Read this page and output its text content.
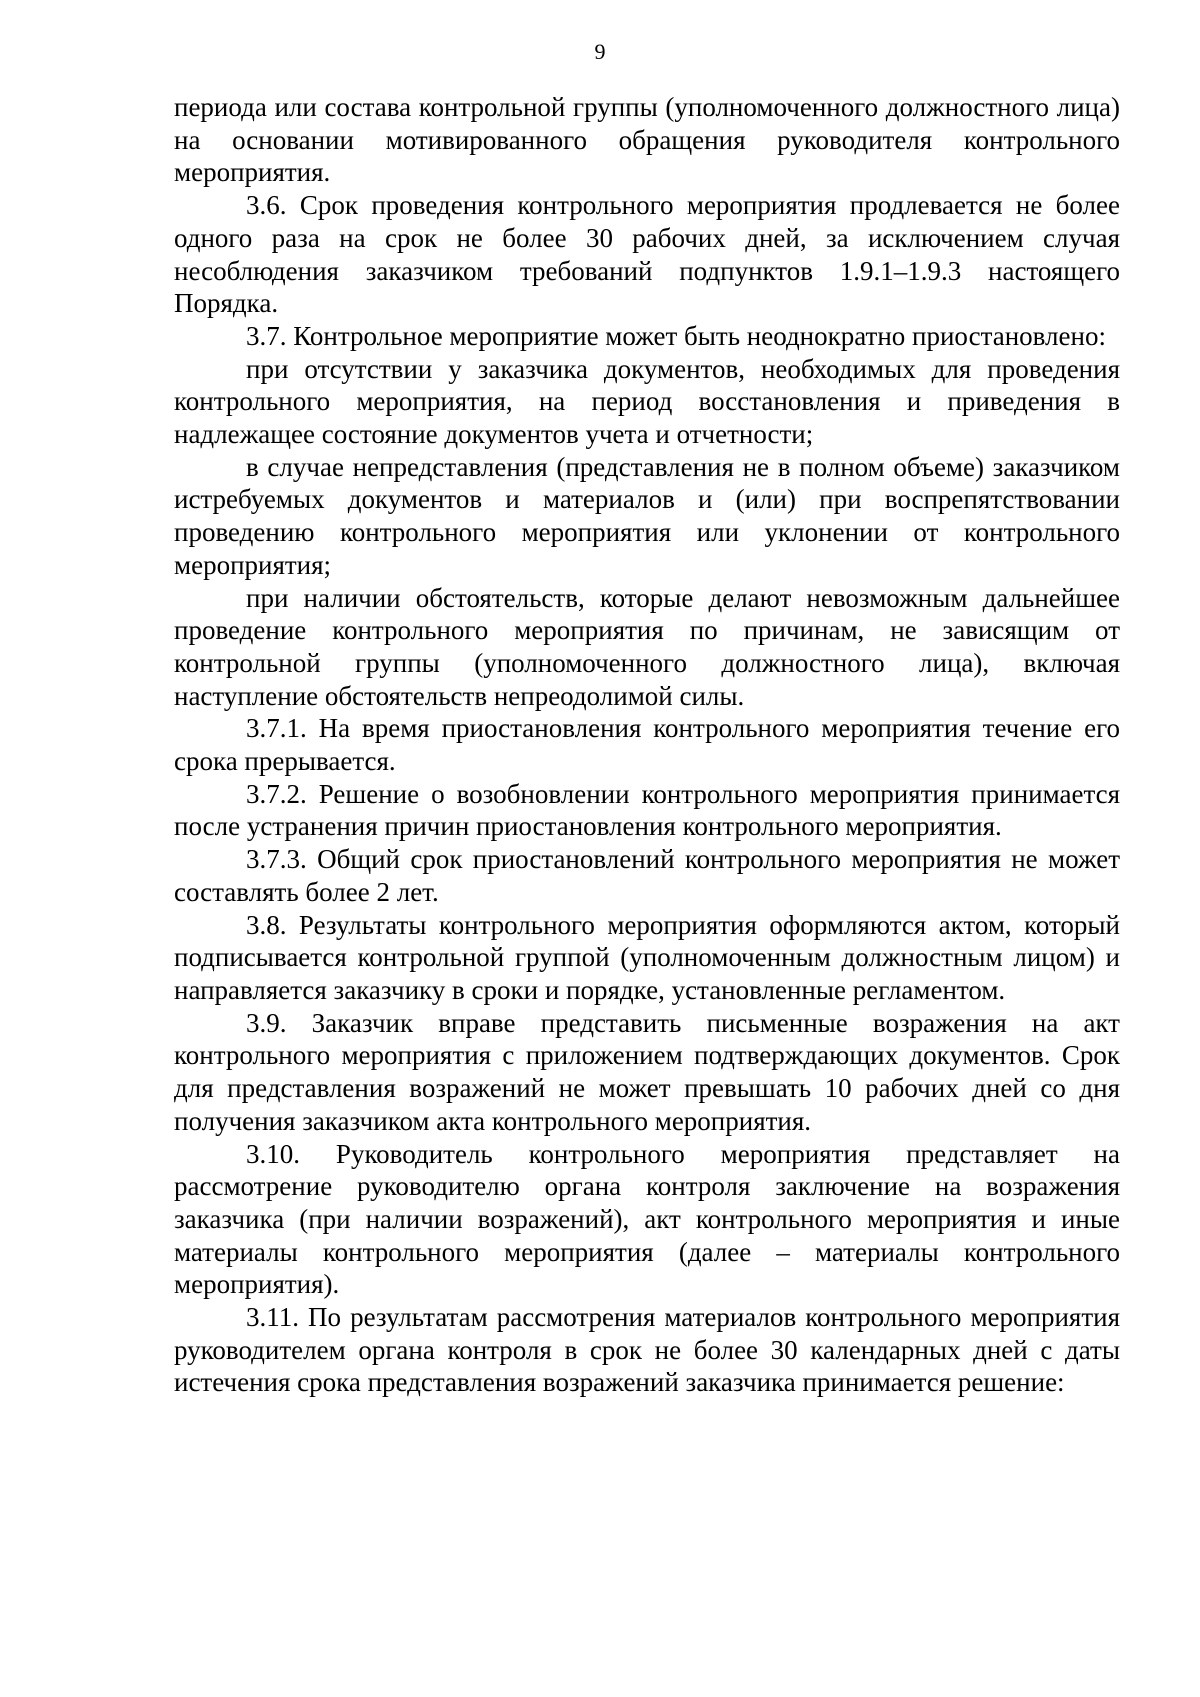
9

периода или состава контрольной группы (уполномоченного должностного лица) на основании мотивированного обращения руководителя контрольного мероприятия.

3.6. Срок проведения контрольного мероприятия продлевается не более одного раза на срок не более 30 рабочих дней, за исключением случая несоблюдения заказчиком требований подпунктов 1.9.1–1.9.3 настоящего Порядка.

3.7. Контрольное мероприятие может быть неоднократно приостановлено:

при отсутствии у заказчика документов, необходимых для проведения контрольного мероприятия, на период восстановления и приведения в надлежащее состояние документов учета и отчетности;

в случае непредставления (представления не в полном объеме) заказчиком истребуемых документов и материалов и (или) при воспрепятствовании проведению контрольного мероприятия или уклонении от контрольного мероприятия;

при наличии обстоятельств, которые делают невозможным дальнейшее проведение контрольного мероприятия по причинам, не зависящим от контрольной группы (уполномоченного должностного лица), включая наступление обстоятельств непреодолимой силы.

3.7.1. На время приостановления контрольного мероприятия течение его срока прерывается.

3.7.2. Решение о возобновлении контрольного мероприятия принимается после устранения причин приостановления контрольного мероприятия.

3.7.3. Общий срок приостановлений контрольного мероприятия не может составлять более 2 лет.

3.8. Результаты контрольного мероприятия оформляются актом, который подписывается контрольной группой (уполномоченным должностным лицом) и направляется заказчику в сроки и порядке, установленные регламентом.

3.9. Заказчик вправе представить письменные возражения на акт контрольного мероприятия с приложением подтверждающих документов. Срок для представления возражений не может превышать 10 рабочих дней со дня получения заказчиком акта контрольного мероприятия.

3.10. Руководитель контрольного мероприятия представляет на рассмотрение руководителю органа контроля заключение на возражения заказчика (при наличии возражений), акт контрольного мероприятия и иные материалы контрольного мероприятия (далее – материалы контрольного мероприятия).

3.11. По результатам рассмотрения материалов контрольного мероприятия руководителем органа контроля в срок не более 30 календарных дней с даты истечения срока представления возражений заказчика принимается решение:
